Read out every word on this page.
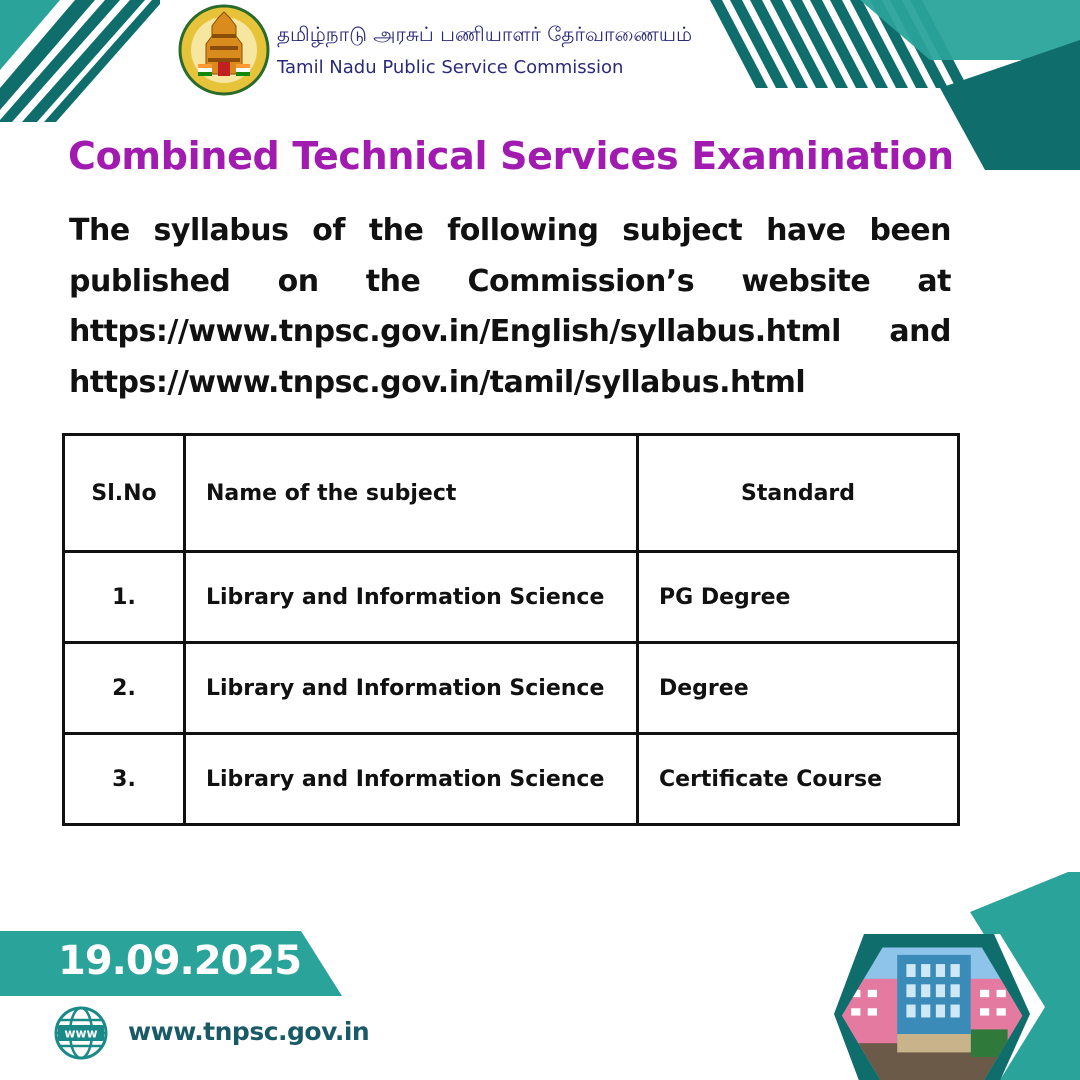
தமிழ்நாடு அரசுப் பணியாளர் தேர்வாணையம்
Tamil Nadu Public Service Commission
Combined Technical Services Examination
The syllabus of the following subject have been
published on the Commission’s website at
https://www.tnpsc.gov.in/English/syllabus.html and
https://www.tnpsc.gov.in/tamil/syllabus.html
Sl.No	Name of the subject	Standard
1.	Library and Information Science	PG Degree
2.	Library and Information Science	Degree
3.	Library and Information Science	Certificate Course
19.09.2025
www www.tnpsc.gov.in
